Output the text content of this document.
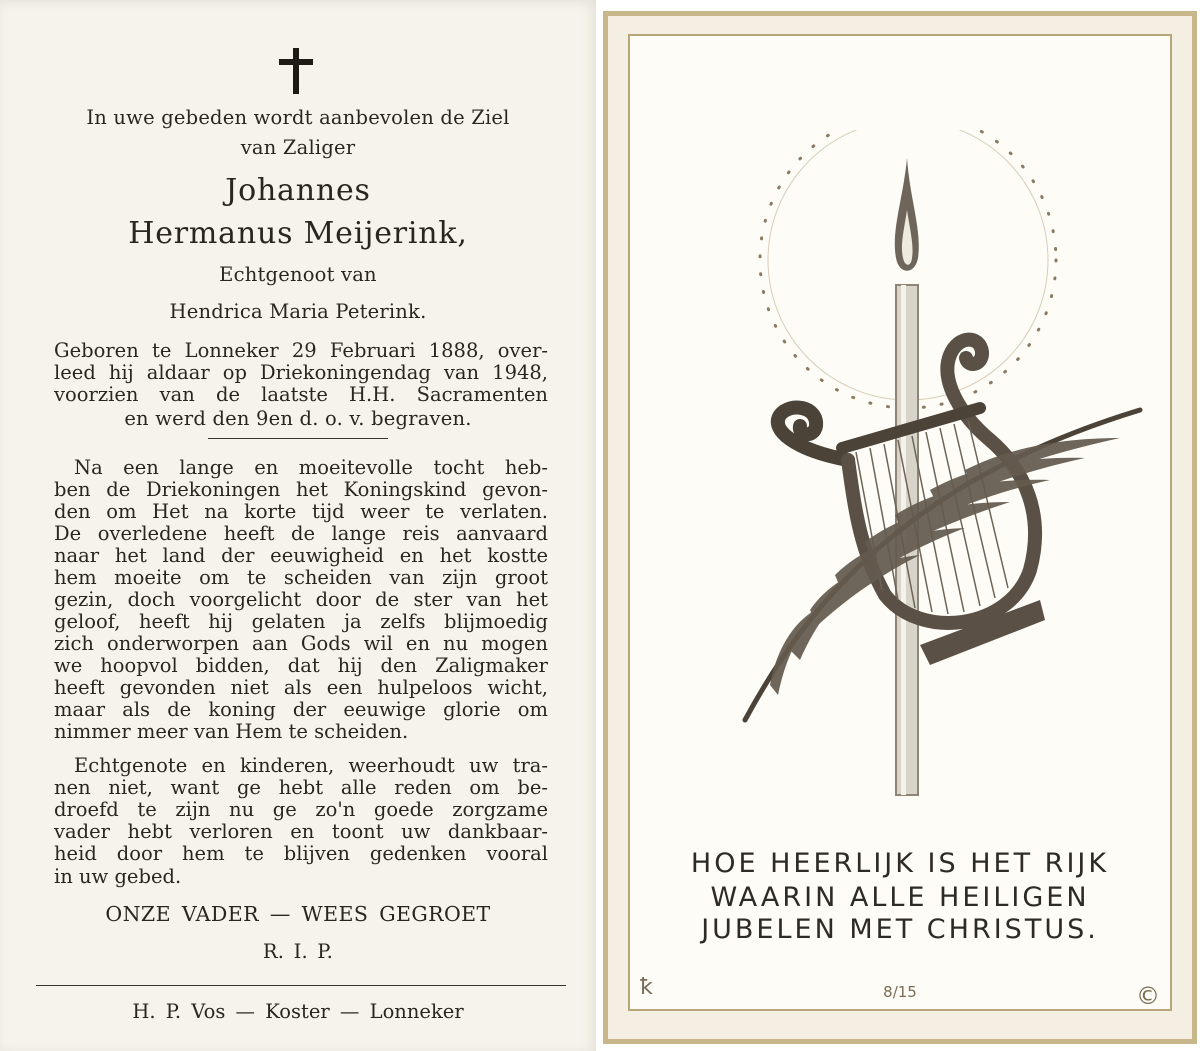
In uwe gebeden wordt aanbevolen de Ziel
van Zaliger
Johannes
Hermanus Meijerink,
Echtgenoot van
Hendrica Maria Peterink.
Geboren te Lonneker 29 Februari 1888, over-
leed hij aldaar op Driekoningendag van 1948,
voorzien van de laatste H.H. Sacramenten
en werd den 9en d. o. v. begraven.
Na een lange en moeitevolle tocht heb-
ben de Driekoningen het Koningskind gevon-
den om Het na korte tijd weer te verlaten.
De overledene heeft de lange reis aanvaard
naar het land der eeuwigheid en het kostte
hem moeite om te scheiden van zijn groot
gezin, doch voorgelicht door de ster van het
geloof, heeft hij gelaten ja zelfs blijmoedig
zich onderworpen aan Gods wil en nu mogen
we hoopvol bidden, dat hij den Zaligmaker
heeft gevonden niet als een hulpeloos wicht,
maar als de koning der eeuwige glorie om
nimmer meer van Hem te scheiden.
Echtgenote en kinderen, weerhoudt uw tra-
nen niet, want ge hebt alle reden om be-
droefd te zijn nu ge zo'n goede zorgzame
vader hebt verloren en toont uw dankbaar-
heid door hem te blijven gedenken vooral
in uw gebed.
ONZE VADER — WEES GEGROET
R. I. P.
H. P. Vos — Koster — Lonneker
HOE HEERLIJK IS HET RIJK
WAARIN ALLE HEILIGEN
JUBELEN MET CHRISTUS.
ꝁ	8/15	©
